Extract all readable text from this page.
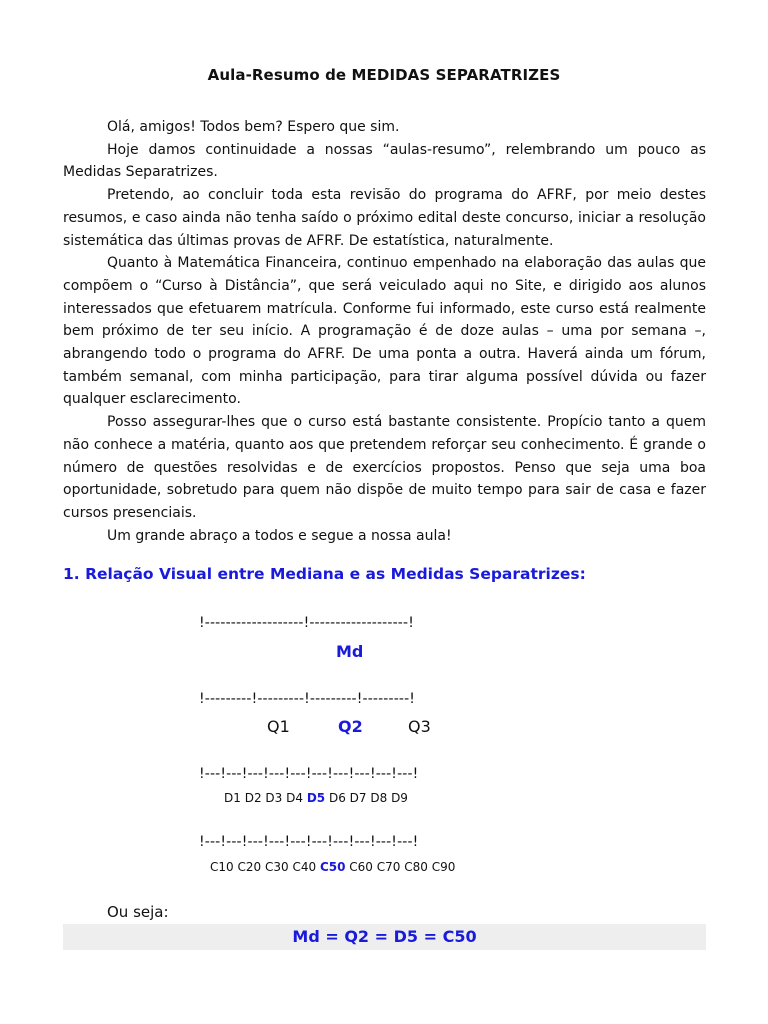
Aula-Resumo de MEDIDAS SEPARATRIZES

Olá, amigos! Todos bem? Espero que sim.

Hoje damos continuidade a nossas “aulas-resumo”, relembrando um pouco as Medidas Separatrizes.

Pretendo, ao concluir toda esta revisão do programa do AFRF, por meio destes resumos, e caso ainda não tenha saído o próximo edital deste concurso, iniciar a resolução sistemática das últimas provas de AFRF. De estatística, naturalmente.

Quanto à Matemática Financeira, continuo empenhado na elaboração das aulas que compõem o “Curso à Distância”, que será veiculado aqui no Site, e dirigido aos alunos interessados que efetuarem matrícula. Conforme fui informado, este curso está realmente bem próximo de ter seu início. A programação é de doze aulas – uma por semana –, abrangendo todo o programa do AFRF. De uma ponta a outra. Haverá ainda um fórum, também semanal, com minha participação, para tirar alguma possível dúvida ou fazer qualquer esclarecimento.

Posso assegurar-lhes que o curso está bastante consistente. Propício tanto a quem não conhece a matéria, quanto aos que pretendem reforçar seu conhecimento. É grande o número de questões resolvidas e de exercícios propostos. Penso que seja uma boa oportunidade, sobretudo para quem não dispõe de muito tempo para sair de casa e fazer cursos presenciais.

Um grande abraço a todos e segue a nossa aula!

1. Relação Visual entre Mediana e as Medidas Separatrizes:
!-------------------!-------------------!
Md
!---------!---------!---------!---------!
Q1	Q2	Q3
!---!---!---!---!---!---!---!---!---!---!
D1 D2 D3 D4 D5 D6 D7 D8 D9
!---!---!---!---!---!---!---!---!---!---!
C10 C20 C30 C40 C50 C60 C70 C80 C90
Ou seja:
Md = Q2 = D5 = C50
